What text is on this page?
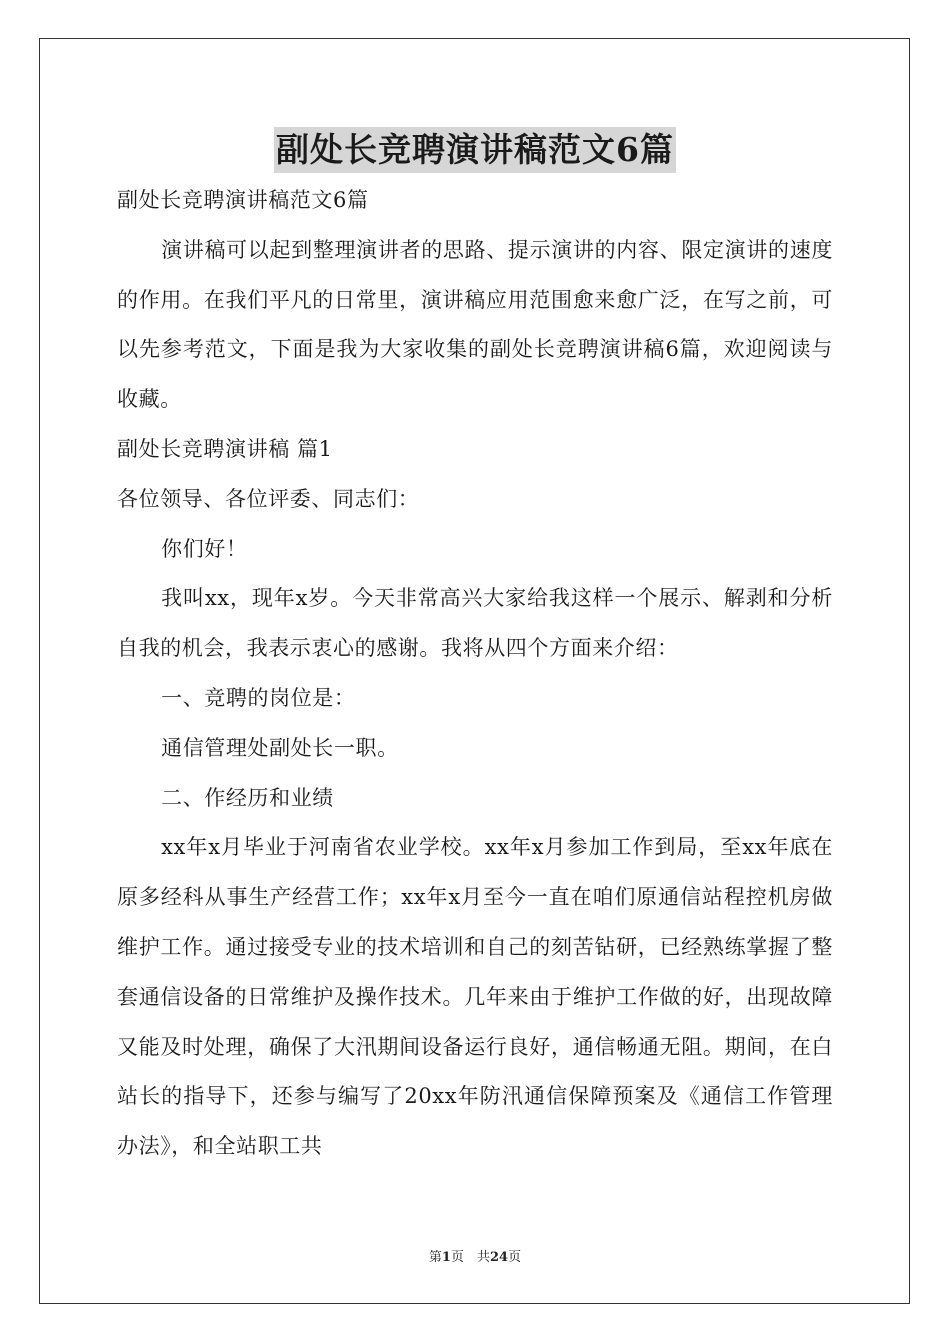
副处长竞聘演讲稿范文6篇

副处长竞聘演讲稿范文6篇

演讲稿可以起到整理演讲者的思路、提示演讲的内容、限定演讲的速度的作用。在我们平凡的日常里，演讲稿应用范围愈来愈广泛，在写之前，可以先参考范文，下面是我为大家收集的副处长竞聘演讲稿6篇，欢迎阅读与收藏。

副处长竞聘演讲稿 篇1

各位领导、各位评委、同志们：

你们好！

我叫xx，现年x岁。今天非常高兴大家给我这样一个展示、解剥和分析自我的机会，我表示衷心的感谢。我将从四个方面来介绍：

一、竞聘的岗位是：

通信管理处副处长一职。

二、作经历和业绩

xx年x月毕业于河南省农业学校。xx年x月参加工作到局，至xx年底在原多经科从事生产经营工作；xx年x月至今一直在咱们原通信站程控机房做维护工作。通过接受专业的技术培训和自己的刻苦钻研，已经熟练掌握了整套通信设备的日常维护及操作技术。几年来由于维护工作做的好，出现故障又能及时处理，确保了大汛期间设备运行良好，通信畅通无阻。期间，在白站长的指导下，还参与编写了20xx年防汛通信保障预案及《通信工作管理办法》，和全站职工共

第1页　共24页
